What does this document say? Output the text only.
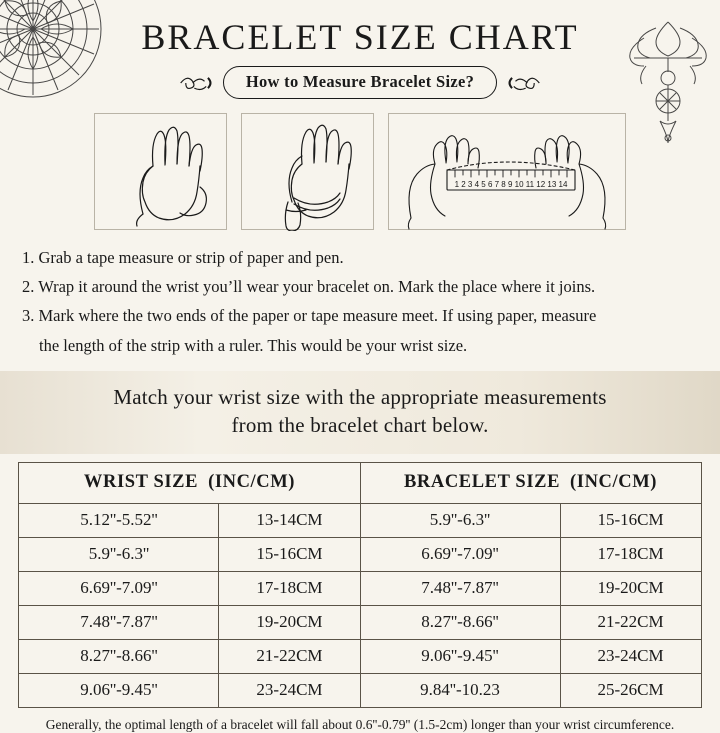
BRACELET SIZE CHART
How to Measure Bracelet Size?
1 2 3 4 5 6 7 8 9 10 11 12 13 14
1. Grab a tape measure or strip of paper and pen.
2. Wrap it around the wrist you’ll wear your bracelet on. Mark the place where it joins.
3. Mark where the two ends of the paper or tape measure meet. If using paper, measure
the length of the strip with a ruler. This would be your wrist size.
Match your wrist size with the appropriate measurements
from the bracelet chart below.
WRIST SIZE (INC/CM)		BRACELET SIZE (INC/CM)	
5.12''-5.52''	13-14CM	5.9''-6.3''	15-16CM
5.9''-6.3''	15-16CM	6.69''-7.09''	17-18CM
6.69''-7.09''	17-18CM	7.48''-7.87''	19-20CM
7.48''-7.87''	19-20CM	8.27''-8.66''	21-22CM
8.27''-8.66''	21-22CM	9.06''-9.45''	23-24CM
9.06''-9.45''	23-24CM	9.84''-10.23	25-26CM
Generally, the optimal length of a bracelet will fall about 0.6''-0.79'' (1.5-2cm) longer than your wrist circumference.
